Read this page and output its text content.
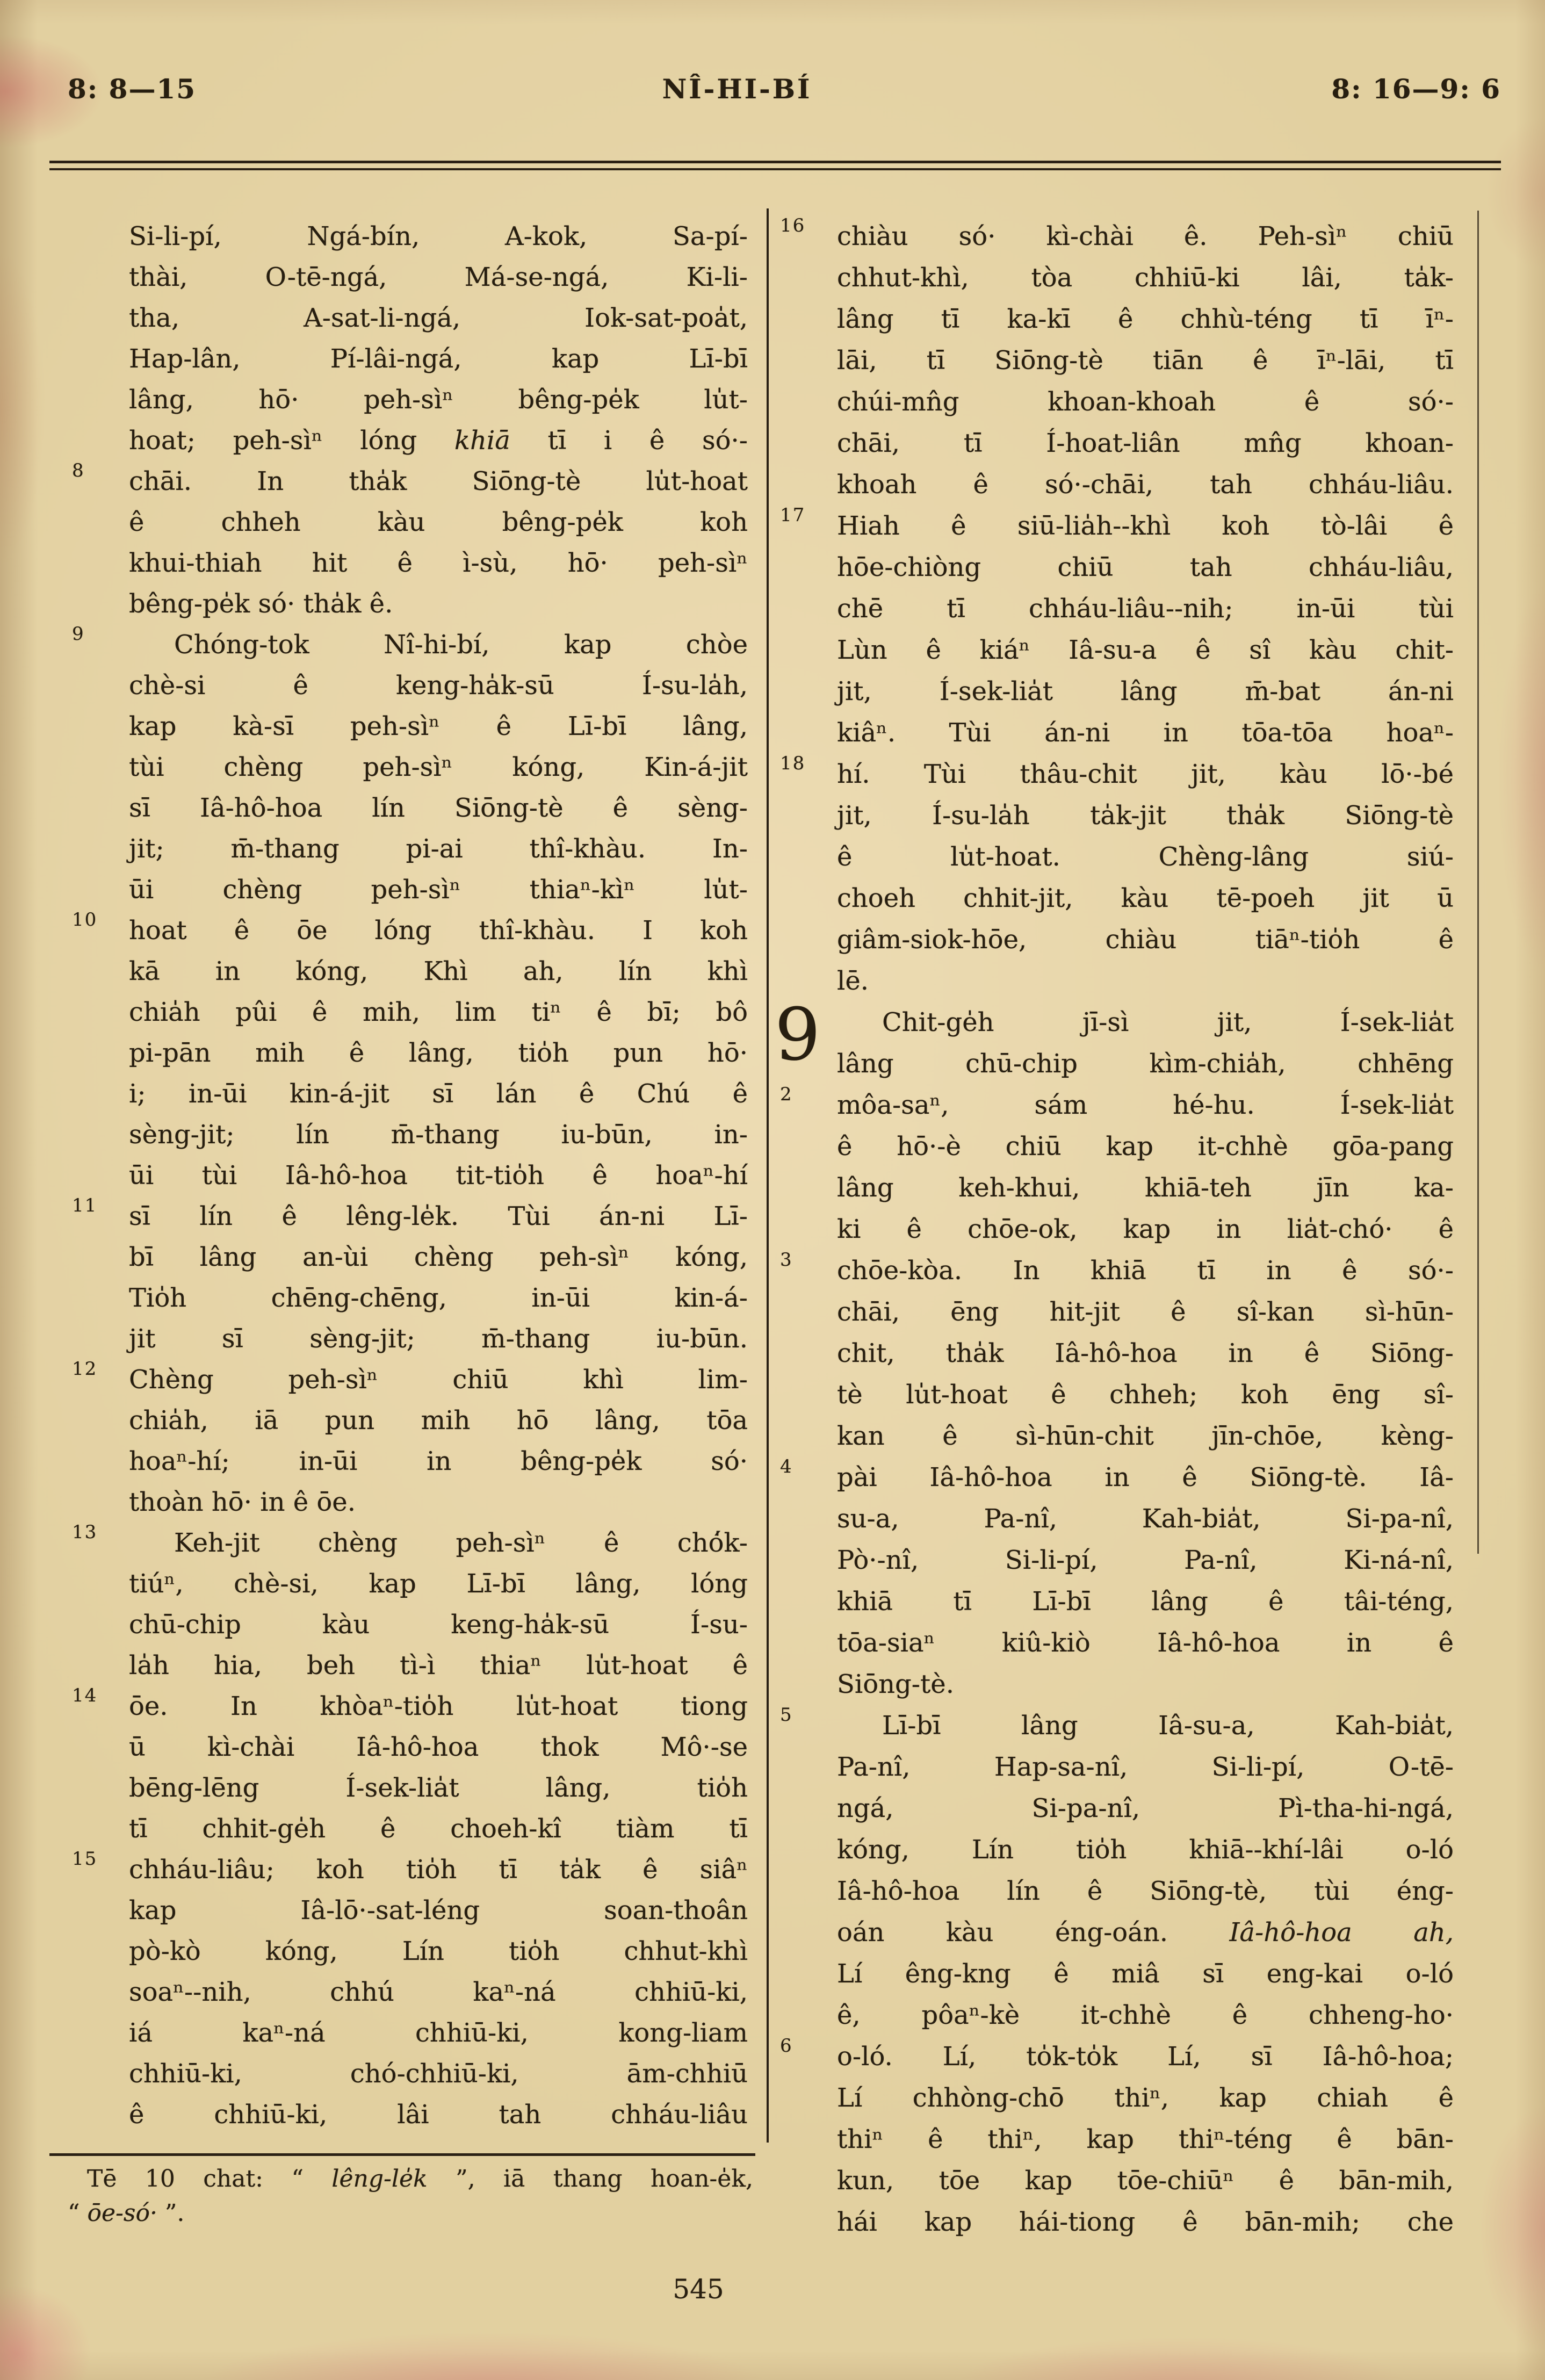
8: 8—15	NÎ-HI-BÍ	8: 16—9: 6
Si-li-pí, Ngá-bín, A-kok, Sa-pí-
thài, O-tē-ngá, Má-se-ngá, Ki-li-
tha, A-sat-li-ngá, Iok-sat-poa̍t,
Hap-lân, Pí-lâi-ngá, kap Lī-bī
lâng, hō· peh-sìⁿ bêng-pe̍k lu̍t-
hoat; peh-sìⁿ lóng khiā tī i ê só·-
8	chāi. In tha̍k Siōng-tè lu̍t-hoat
ê chheh kàu bêng-pe̍k koh
khui-thiah hit ê ì-sù, hō· peh-sìⁿ
bêng-pe̍k só· tha̍k ê.
9	Chóng-tok Nî-hi-bí, kap chòe
chè-si ê keng-ha̍k-sū Í-su-la̍h,
kap kà-sī peh-sìⁿ ê Lī-bī lâng,
tùi chèng peh-sìⁿ kóng, Kin-á-jit
sī Iâ-hô-hoa lín Siōng-tè ê sèng-
jit; m̄-thang pi-ai thî-khàu. In-
ūi chèng peh-sìⁿ thiaⁿ-kìⁿ lu̍t-
10	hoat ê ōe lóng thî-khàu. I koh
kā in kóng, Khì ah, lín khì
chia̍h pûi ê mih, lim tiⁿ ê bī; bô
pi-pān mih ê lâng, tio̍h pun hō·
i; in-ūi kin-á-jit sī lán ê Chú ê
sèng-jit; lín m̄-thang iu-būn, in-
ūi tùi Iâ-hô-hoa tit-tio̍h ê hoaⁿ-hí
11	sī lín ê lêng-le̍k. Tùi án-ni Lī-
bī lâng an-ùi chèng peh-sìⁿ kóng,
Tio̍h chēng-chēng, in-ūi kin-á-
jit sī sèng-jit; m̄-thang iu-būn.
12	Chèng peh-sìⁿ chiū khì lim-
chia̍h, iā pun mih hō lâng, tōa
hoaⁿ-hí; in-ūi in bêng-pe̍k só·
thoàn hō· in ê ōe.
13	Keh-jit chèng peh-sìⁿ ê chó̍k-
tiúⁿ, chè-si, kap Lī-bī lâng, lóng
chū-chip kàu keng-ha̍k-sū Í-su-
la̍h hia, beh tì-ì thiaⁿ lu̍t-hoat ê
14	ōe. In khòaⁿ-tio̍h lu̍t-hoat tiong
ū kì-chài Iâ-hô-hoa thok Mô·-se
bēng-lēng Í-sek-lia̍t lâng, tio̍h
tī chhit-ge̍h ê choeh-kî tiàm tī
15	chháu-liâu; koh tio̍h tī ta̍k ê siâⁿ
kap Iâ-lō·-sat-léng soan-thoân
pò-kò kóng, Lín tio̍h chhut-khì
soaⁿ--nih, chhú kaⁿ-ná chhiū-ki,
iá kaⁿ-ná chhiū-ki, kong-liam
chhiū-ki, chó-chhiū-ki, ām-chhiū
ê chhiū-ki, lâi tah chháu-liâu
16	chiàu só· kì-chài ê. Peh-sìⁿ chiū
chhut-khì, tòa chhiū-ki lâi, ta̍k-
lâng tī ka-kī ê chhù-téng tī īⁿ-
lāi, tī Siōng-tè tiān ê īⁿ-lāi, tī
chúi-mn̂g khoan-khoah ê só·-
chāi, tī Í-hoat-liân mn̂g khoan-
khoah ê só·-chāi, tah chháu-liâu.
17	Hiah ê siū-lia̍h--khì koh tò-lâi ê
hōe-chiòng chiū tah chháu-liâu,
chē tī chháu-liâu--nih; in-ūi tùi
Lùn ê kiáⁿ Iâ-su-a ê sî kàu chit-
jit, Í-sek-lia̍t lâng m̄-bat án-ni
kiâⁿ. Tùi án-ni in tōa-tōa hoaⁿ-
18	hí. Tùi thâu-chit jit, kàu lō·-bé
jit, Í-su-la̍h ta̍k-jit tha̍k Siōng-tè
ê lu̍t-hoat. Chèng-lâng siú-
choeh chhit-jit, kàu tē-poeh jit ū
giâm-siok-hōe, chiàu tiāⁿ-tio̍h ê
lē.
9 Chit-ge̍h jī-sì jit, Í-sek-lia̍t
lâng chū-chip kìm-chia̍h, chhēng
2	môa-saⁿ, sám hé-hu. Í-sek-lia̍t
ê hō·-è chiū kap it-chhè gōa-pang
lâng keh-khui, khiā-teh jīn ka-
ki ê chōe-ok, kap in lia̍t-chó· ê
3	chōe-kòa. In khiā tī in ê só·-
chāi, ēng hit-jit ê sî-kan sì-hūn-
chit, tha̍k Iâ-hô-hoa in ê Siōng-
tè lu̍t-hoat ê chheh; koh ēng sî-
kan ê sì-hūn-chit jīn-chōe, kèng-
4	pài Iâ-hô-hoa in ê Siōng-tè. Iâ-
su-a, Pa-nî, Kah-bia̍t, Si-pa-nî,
Pò·-nî, Si-li-pí, Pa-nî, Ki-ná-nî,
khiā tī Lī-bī lâng ê tâi-téng,
tōa-siaⁿ kiû-kiò Iâ-hô-hoa in ê
Siōng-tè.
5	Lī-bī lâng Iâ-su-a, Kah-bia̍t,
Pa-nî, Hap-sa-nî, Si-li-pí, O-tē-
ngá, Si-pa-nî, Pì-tha-hi-ngá,
kóng, Lín tio̍h khiā--khí-lâi o-ló
Iâ-hô-hoa lín ê Siōng-tè, tùi éng-
oán kàu éng-oán. Iâ-hô-hoa ah,
Lí êng-kng ê miâ sī eng-kai o-ló
ê, pôaⁿ-kè it-chhè ê chheng-ho·
6	o-ló. Lí, to̍k-to̍k Lí, sī Iâ-hô-hoa;
Lí chhòng-chō thiⁿ, kap chiah ê
thiⁿ ê thiⁿ, kap thiⁿ-téng ê bān-
kun, tōe kap tōe-chiūⁿ ê bān-mih,
hái kap hái-tiong ê bān-mih; che
Tē 10 chat: “ lêng-le̍k ”, iā thang hoan-e̍k,
“ ōe-só· ”.
545
